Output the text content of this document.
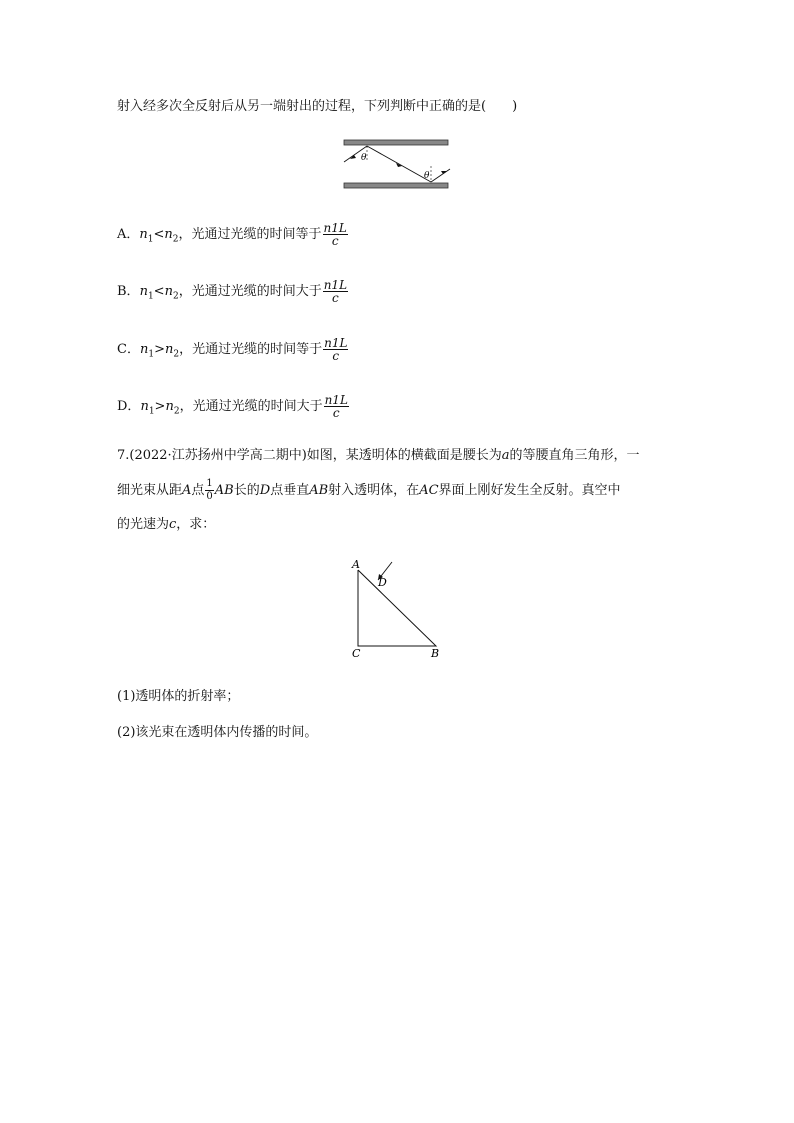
射入经多次全反射后从另一端射出的过程，下列判断中正确的是(　　)
θ
θ
A．$n_1<n_2$，光通过光缆的时间等于 $\frac{n1L}{c}$
B．$n_1<n_2$，光通过光缆的时间大于 $\frac{n1L}{c}$
C．$n_1>n_2$，光通过光缆的时间等于 $\frac{n1L}{c}$
D．$n_1>n_2$，光通过光缆的时间大于 $\frac{n1L}{c}$
7.(2022·江苏扬州中学高二期中)如图，某透明体的横截面是腰长为a的等腰直角三角形，一
细光束从距A点 $\frac{1}{0}$ AB长的D点垂直AB射入透明体，在AC界面上刚好发生全反射。真空中
的光速为c，求：
A
D
C	B
(1)透明体的折射率；
(2)该光束在透明体内传播的时间。
